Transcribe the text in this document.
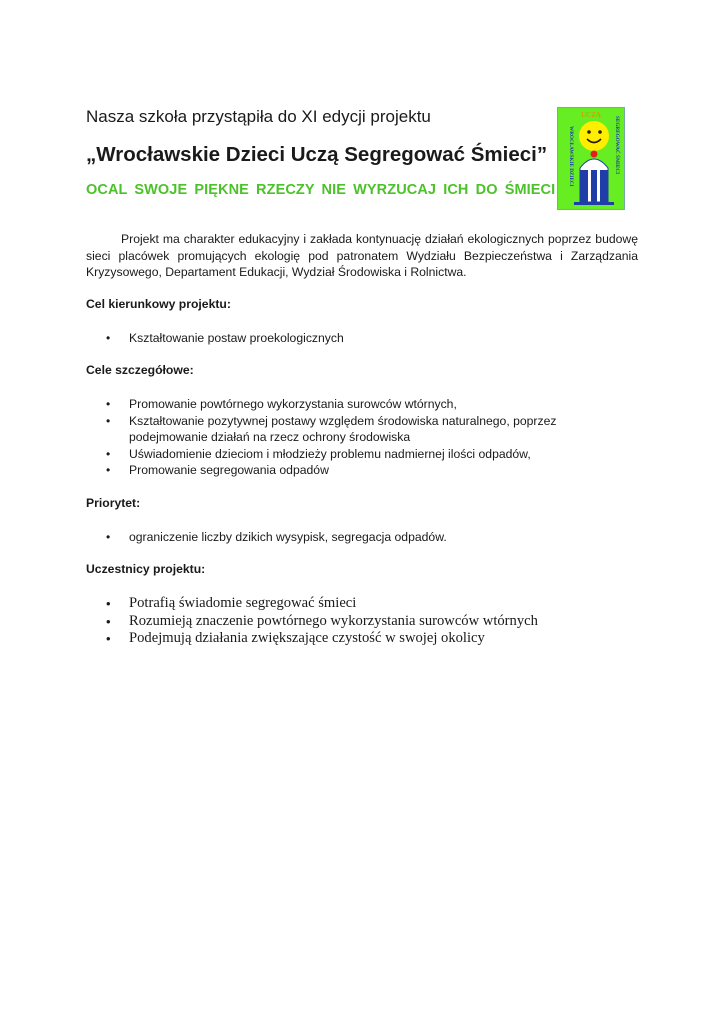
Nasza szkoła przystąpiła do XI edycji projektu
„Wrocławskie Dzieci Uczą Segregować Śmieci”
OCAL SWOJE PIĘKNE RZECZY NIE WYRZUCAJ ICH DO ŚMIECI
UCZĄ
WROCŁAWSKIE DZIECI	SEGREGOWAĆ ŚMIECI

Projekt ma charakter edukacyjny i zakłada kontynuację działań ekologicznych poprzez budowę sieci placówek promujących ekologię pod patronatem Wydziału Bezpieczeństwa i Zarządzania Kryzysowego, Departament Edukacji, Wydział Środowiska i Rolnictwa.

Cel kierunkowy projektu:
• Kształtowanie postaw proekologicznych
Cele szczegółowe:
• Promowanie powtórnego wykorzystania surowców wtórnych,
• Kształtowanie pozytywnej postawy względem środowiska naturalnego, poprzez podejmowanie działań na rzecz ochrony środowiska
• Uświadomienie dzieciom i młodzieży problemu nadmiernej ilości odpadów,
• Promowanie segregowania odpadów
Priorytet:
• ograniczenie liczby dzikich wysypisk, segregacja odpadów.
Uczestnicy projektu:
• Potrafią świadomie segregować śmieci
• Rozumieją znaczenie powtórnego wykorzystania surowców wtórnych
• Podejmują działania zwiększające czystość w swojej okolicy
